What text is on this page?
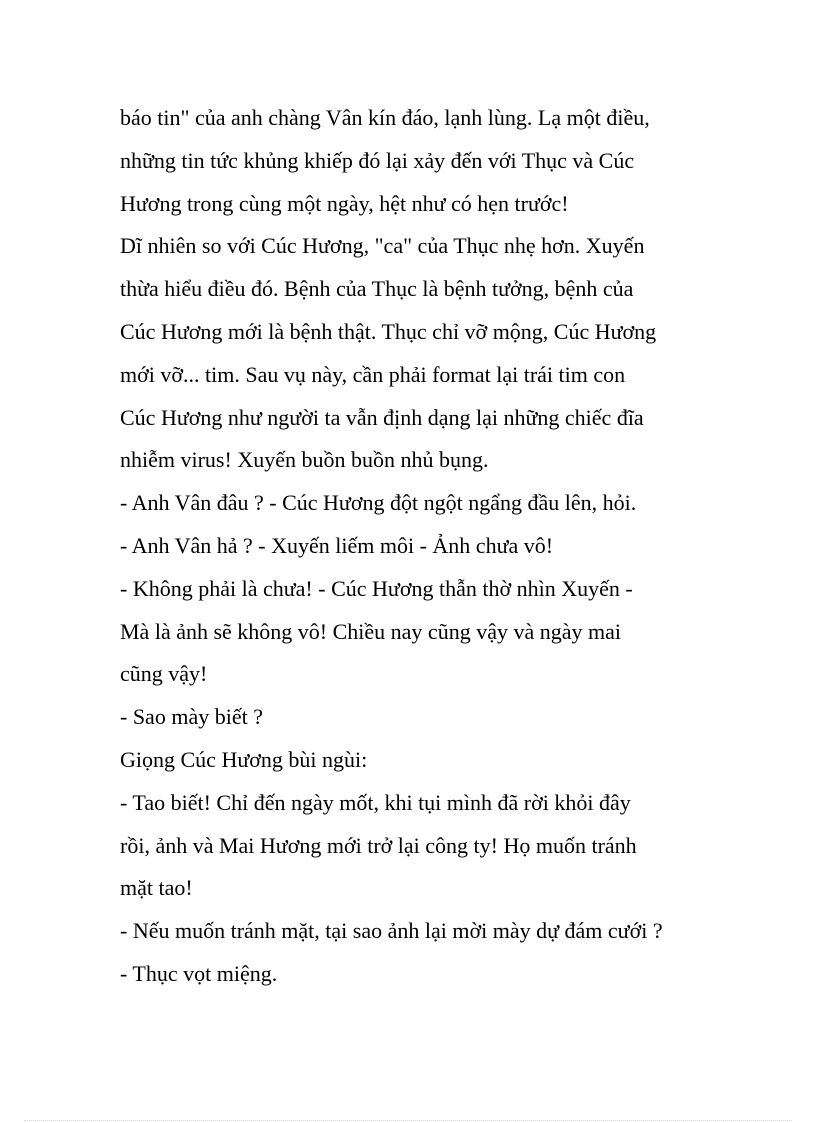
báo tin" của anh chàng Vân kín đáo, lạnh lùng. Lạ một điều,
những tin tức khủng khiếp đó lại xảy đến với Thục và Cúc
Hương trong cùng một ngày, hệt như có hẹn trước!
Dĩ nhiên so với Cúc Hương, "ca" của Thục nhẹ hơn. Xuyến
thừa hiểu điều đó. Bệnh của Thục là bệnh tưởng, bệnh của
Cúc Hương mới là bệnh thật. Thục chỉ vỡ mộng, Cúc Hương
mới vỡ... tim. Sau vụ này, cần phải format lại trái tim con
Cúc Hương như người ta vẫn định dạng lại những chiếc đĩa
nhiễm virus! Xuyến buồn buồn nhủ bụng.
- Anh Vân đâu ? - Cúc Hương đột ngột ngẩng đầu lên, hỏi.
- Anh Vân hả ? - Xuyến liếm môi - Ảnh chưa vô!
- Không phải là chưa! - Cúc Hương thẫn thờ nhìn Xuyến -
Mà là ảnh sẽ không vô! Chiều nay cũng vậy và ngày mai
cũng vậy!
- Sao mày biết ?
Giọng Cúc Hương bùi ngùi:
- Tao biết! Chỉ đến ngày mốt, khi tụi mình đã rời khỏi đây
rồi, ảnh và Mai Hương mới trở lại công ty! Họ muốn tránh
mặt tao!
- Nếu muốn tránh mặt, tại sao ảnh lại mời mày dự đám cưới ?
- Thục vọt miệng.
